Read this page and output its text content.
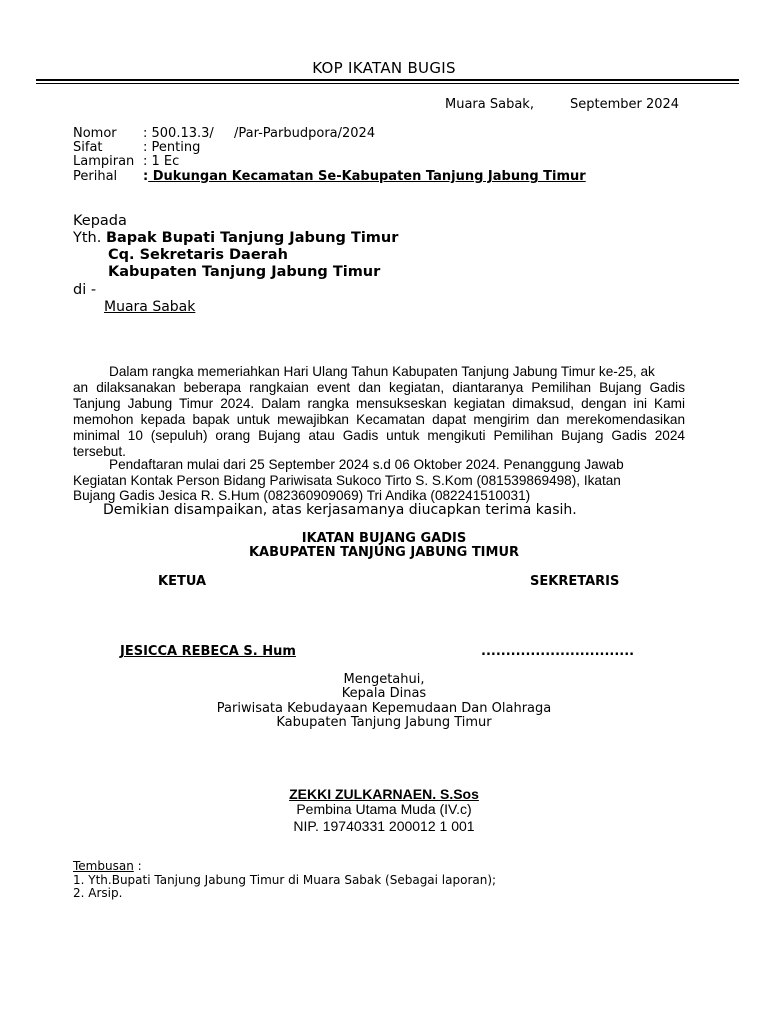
KOP IKATAN BUGIS
Muara Sabak,	September 2024
Nomor : 500.13.3/ /Par-Parbudpora/2024
Sifat	: Penting
Lampiran : 1 Ec
Perihal : Dukungan Kecamatan Se-Kabupaten Tanjung Jabung Timur
Kepada
Yth. Bapak Bupati Tanjung Jabung Timur
Cq. Sekretaris Daerah
Kabupaten Tanjung Jabung Timur
di -
Muara Sabak
Dalam rangka memeriahkan Hari Ulang Tahun Kabupaten Tanjung Jabung Timur ke-25, ak
an dilaksanakan beberapa rangkaian event dan kegiatan, diantaranya Pemilihan Bujang Gadis Tanjung Jabung Timur 2024. Dalam rangka mensukseskan kegiatan dimaksud, dengan ini Kami memohon kepada bapak untuk mewajibkan Kecamatan dapat mengirim dan merekomendasikan minimal 10 (sepuluh) orang Bujang atau Gadis untuk mengikuti Pemilihan Bujang Gadis 2024 tersebut.
Pendaftaran mulai dari 25 September 2024 s.d 06 Oktober 2024. Penanggung Jawab
Kegiatan Kontak Person Bidang Pariwisata Sukoco Tirto S. S.Kom (081539869498), Ikatan
Bujang Gadis Jesica R. S.Hum (082360909069) Tri Andika (082241510031)
Demikian disampaikan, atas kerjasamanya diucapkan terima kasih.
IKATAN BUJANG GADIS
KABUPATEN TANJUNG JABUNG TIMUR
KETUA	SEKRETARIS
JESICCA REBECA S. Hum	...............................
Mengetahui,
Kepala Dinas
Pariwisata Kebudayaan Kepemudaan Dan Olahraga
Kabupaten Tanjung Jabung Timur
ZEKKI ZULKARNAEN. S.Sos
Pembina Utama Muda (IV.c)
NIP. 19740331 200012 1 001
Tembusan :
1. Yth.Bupati Tanjung Jabung Timur di Muara Sabak (Sebagai laporan);
2. Arsip.
